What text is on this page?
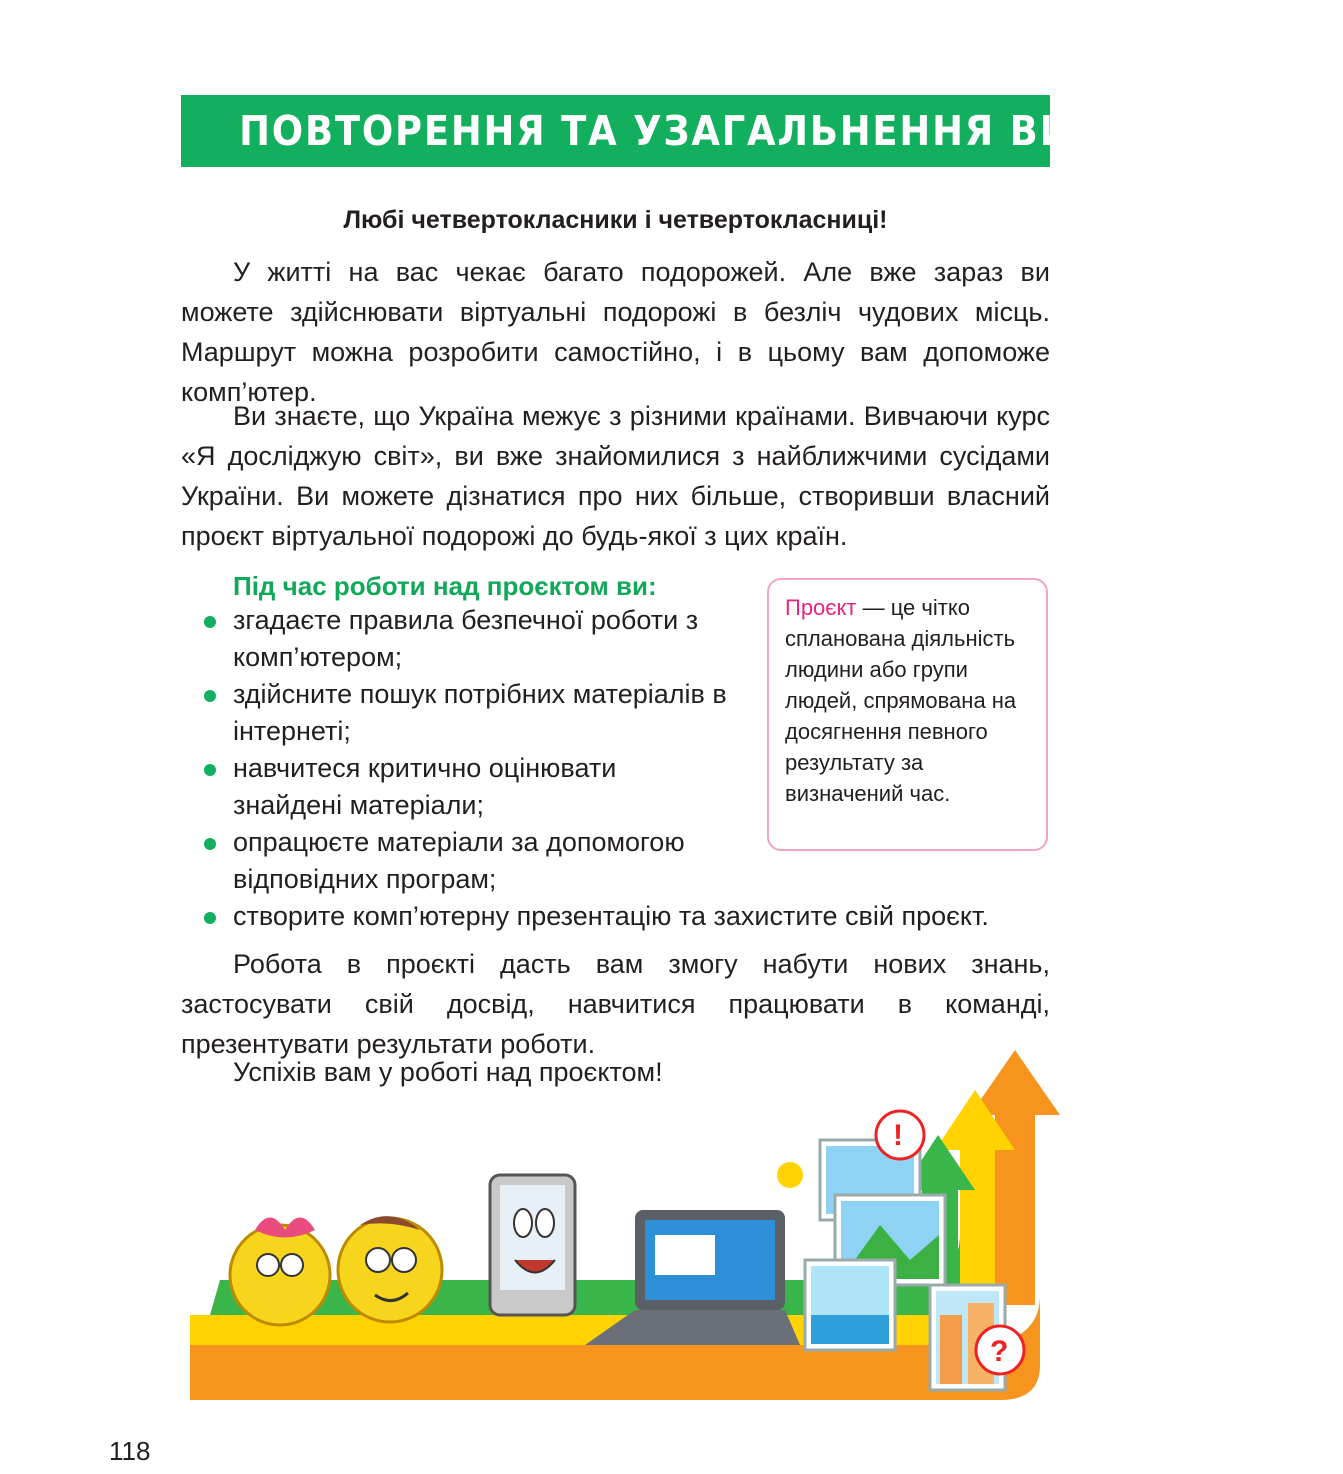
ПОВТОРЕННЯ ТА УЗАГАЛЬНЕННЯ ВИВЧЕНОГО
Любі четвертокласники і четвертокласниці!

У житті на вас чекає багато подорожей. Але вже зараз ви можете здійснювати віртуальні подорожі в безліч чудових місць. Маршрут можна розробити самостійно, і в цьому вам допоможе комп’ютер.

Ви знаєте, що Україна межує з різними країнами. Вивчаючи курс «Я досліджую світ», ви вже знайомилися з найближчими сусідами України. Ви можете дізнатися про них більше, створивши власний проєкт віртуальної подорожі до будь-якої з цих країн.

Під час роботи над проєктом ви:
згадаєте правила безпечної роботи з комп’ютером;
здійсните пошук потрібних матеріалів в інтернеті;
навчитеся критично оцінювати знайдені матеріали;
опрацюєте матеріали за допомогою відповідних програм;
створите комп’ютерну презентацію та захистите свій проєкт.
Проєкт — це чітко спланована діяльність людини або групи людей, спрямована на досягнення певного результату за визначений час.

Робота в проєкті дасть вам змогу набути нових знань, застосувати свій досвід, навчитися працювати в команді, презентувати результати роботи.

Успіхів вам у роботі над проєктом!

!
?
118
